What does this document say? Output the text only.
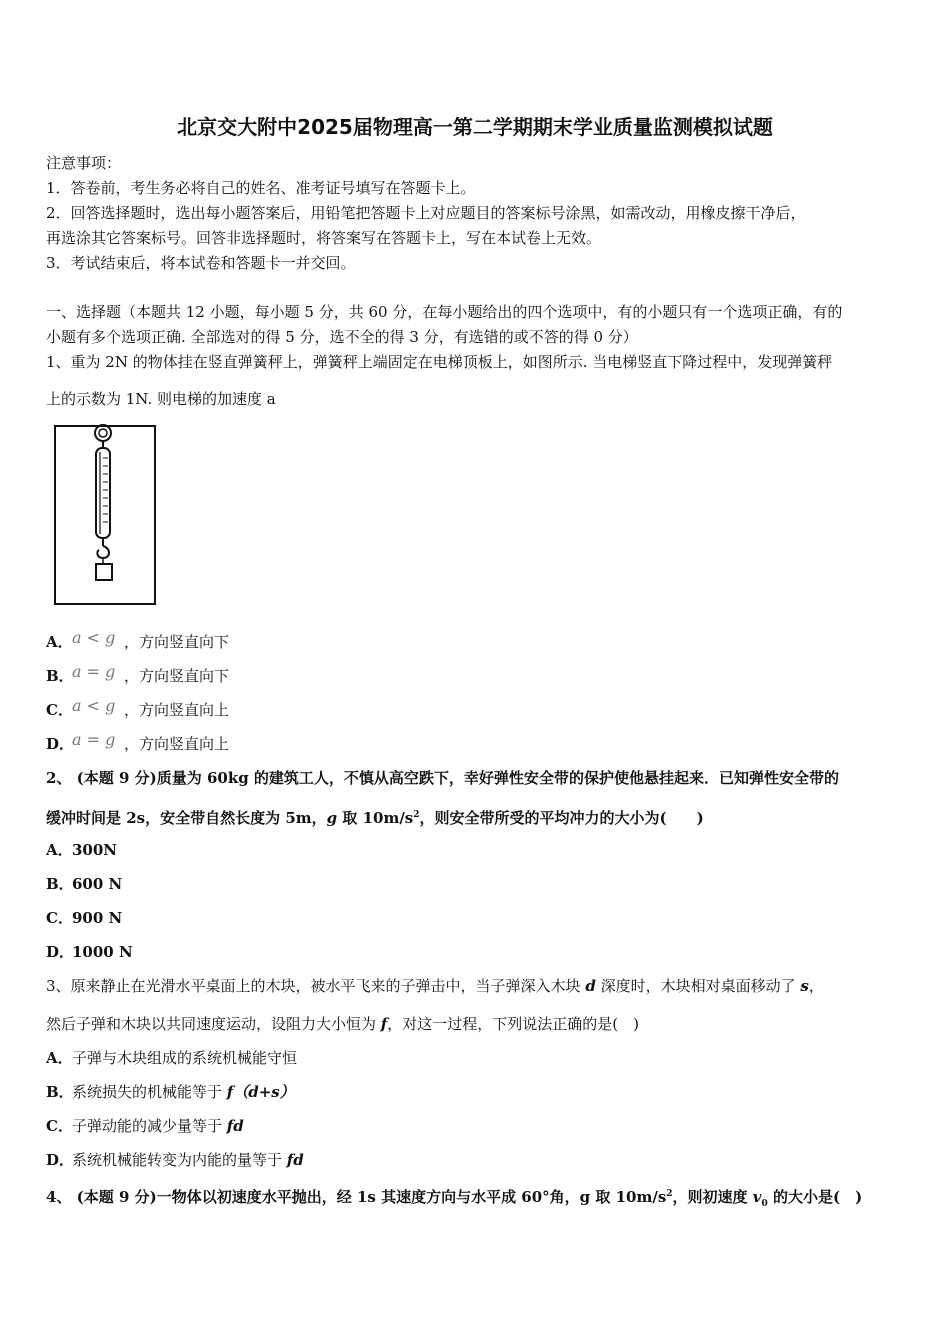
北京交大附中2025届物理高一第二学期期末学业质量监测模拟试题
注意事项：
1．答卷前，考生务必将自己的姓名、准考证号填写在答题卡上。
2．回答选择题时，选出每小题答案后，用铅笔把答题卡上对应题目的答案标号涂黑，如需改动，用橡皮擦干净后，
再选涂其它答案标号。回答非选择题时，将答案写在答题卡上，写在本试卷上无效。
3．考试结束后，将本试卷和答题卡一并交回。
一、选择题（本题共 12 小题，每小题 5 分，共 60 分，在每小题给出的四个选项中，有的小题只有一个选项正确，有的
小题有多个选项正确. 全部选对的得 5 分，选不全的得 3 分，有选错的或不答的得 0 分）
1、重为 2N 的物体挂在竖直弹簧秤上，弹簧秤上端固定在电梯顶板上，如图所示. 当电梯竖直下降过程中，发现弹簧秤
上的示数为 1N. 则电梯的加速度 a
A．a < g ，方向竖直向下
B．a = g ，方向竖直向下
C．a < g ，方向竖直向上
D．a = g ，方向竖直向上
2、 (本题 9 分)质量为 60kg 的建筑工人，不慎从高空跌下，幸好弹性安全带的保护使他悬挂起来．已知弹性安全带的
缓冲时间是 2s，安全带自然长度为 5m，g 取 $10m/s^2$，则安全带所受的平均冲力的大小为(　　)
A．300N
B．600 N
C．900 N
D．1000 N
3、原来静止在光滑水平桌面上的木块，被水平飞来的子弹击中，当子弹深入木块 d 深度时，木块相对桌面移动了 s，
然后子弹和木块以共同速度运动，设阻力大小恒为 f，对这一过程，下列说法正确的是(　)
A．子弹与木块组成的系统机械能守恒
B．系统损失的机械能等于 f（d+s）
C．子弹动能的减少量等于 fd
D．系统机械能转变为内能的量等于 fd
4、 (本题 9 分)一物体以初速度水平抛出，经 1s 其速度方向与水平成 60°角，g 取 $10m/s^2$，则初速度 $v_0$ 的大小是(　)
